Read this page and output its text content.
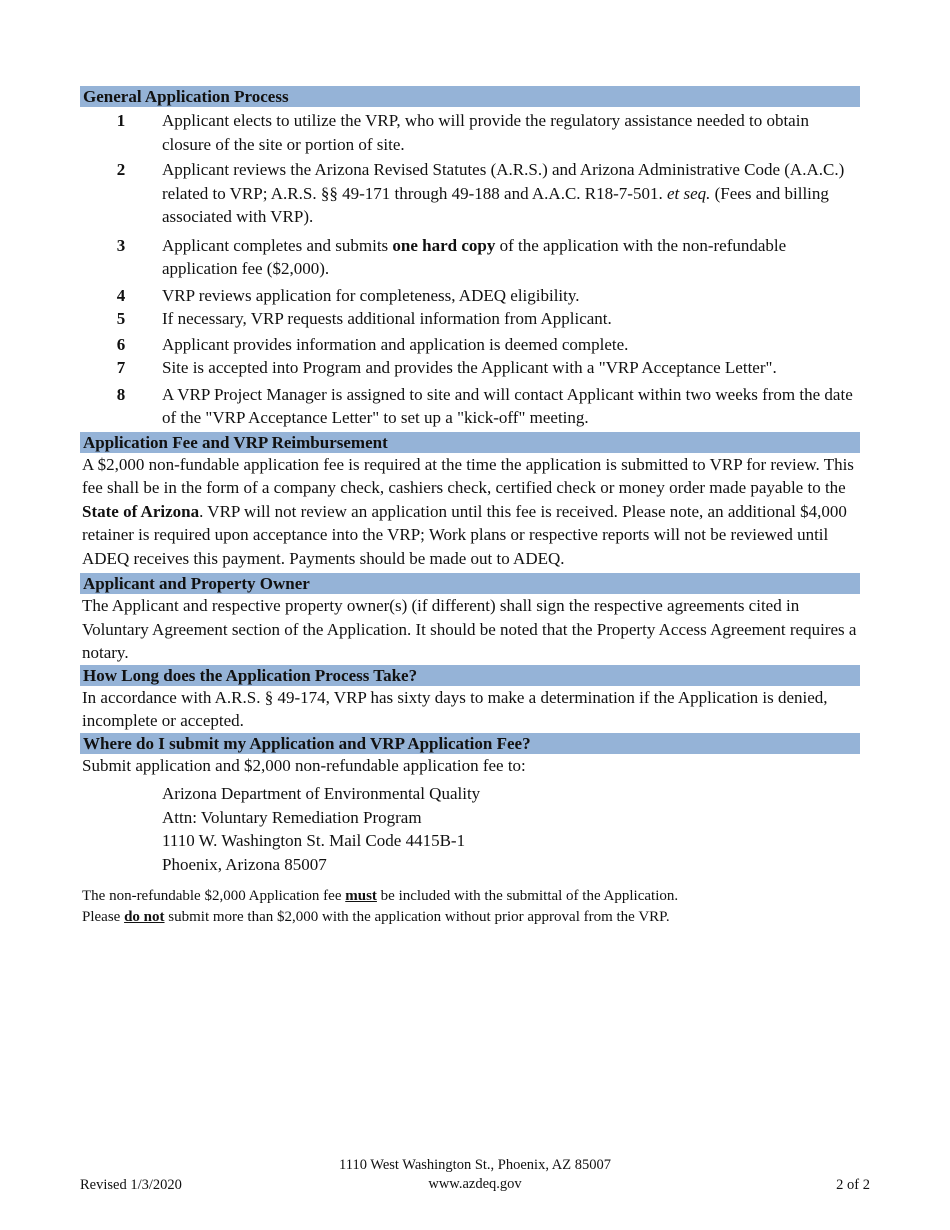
General Application Process
1	Applicant elects to utilize the VRP, who will provide the regulatory assistance needed to obtain closure of the site or portion of site.
2	Applicant reviews the Arizona Revised Statutes (A.R.S.) and Arizona Administrative Code (A.A.C.) related to VRP; A.R.S. §§ 49-171 through 49-188 and A.A.C. R18-7-501. et seq. (Fees and billing associated with VRP).
3	Applicant completes and submits one hard copy of the application with the non-refundable application fee ($2,000).
4	VRP reviews application for completeness, ADEQ eligibility.
5	If necessary, VRP requests additional information from Applicant.
6	Applicant provides information and application is deemed complete.
7	Site is accepted into Program and provides the Applicant with a "VRP Acceptance Letter".
8	A VRP Project Manager is assigned to site and will contact Applicant within two weeks from the date of the "VRP Acceptance Letter" to set up a "kick-off" meeting.
Application Fee and VRP Reimbursement
A $2,000 non-fundable application fee is required at the time the application is submitted to VRP for review. This fee shall be in the form of a company check, cashiers check, certified check or money order made payable to the State of Arizona. VRP will not review an application until this fee is received. Please note, an additional $4,000 retainer is required upon acceptance into the VRP; Work plans or respective reports will not be reviewed until ADEQ receives this payment. Payments should be made out to ADEQ.
Applicant and Property Owner
The Applicant and respective property owner(s) (if different) shall sign the respective agreements cited in Voluntary Agreement section of the Application. It should be noted that the Property Access Agreement requires a notary.
How Long does the Application Process Take?
In accordance with A.R.S. § 49-174, VRP has sixty days to make a determination if the Application is denied, incomplete or accepted.
Where do I submit my Application and VRP Application Fee?
Submit application and $2,000 non-refundable application fee to:
Arizona Department of Environmental Quality
Attn: Voluntary Remediation Program
1110 W. Washington St. Mail Code 4415B-1
Phoenix, Arizona 85007
The non-refundable $2,000 Application fee must be included with the submittal of the Application.
Please do not submit more than $2,000 with the application without prior approval from the VRP.
Revised 1/3/2020
1110 West Washington St., Phoenix, AZ 85007
www.azdeq.gov	2 of 2
